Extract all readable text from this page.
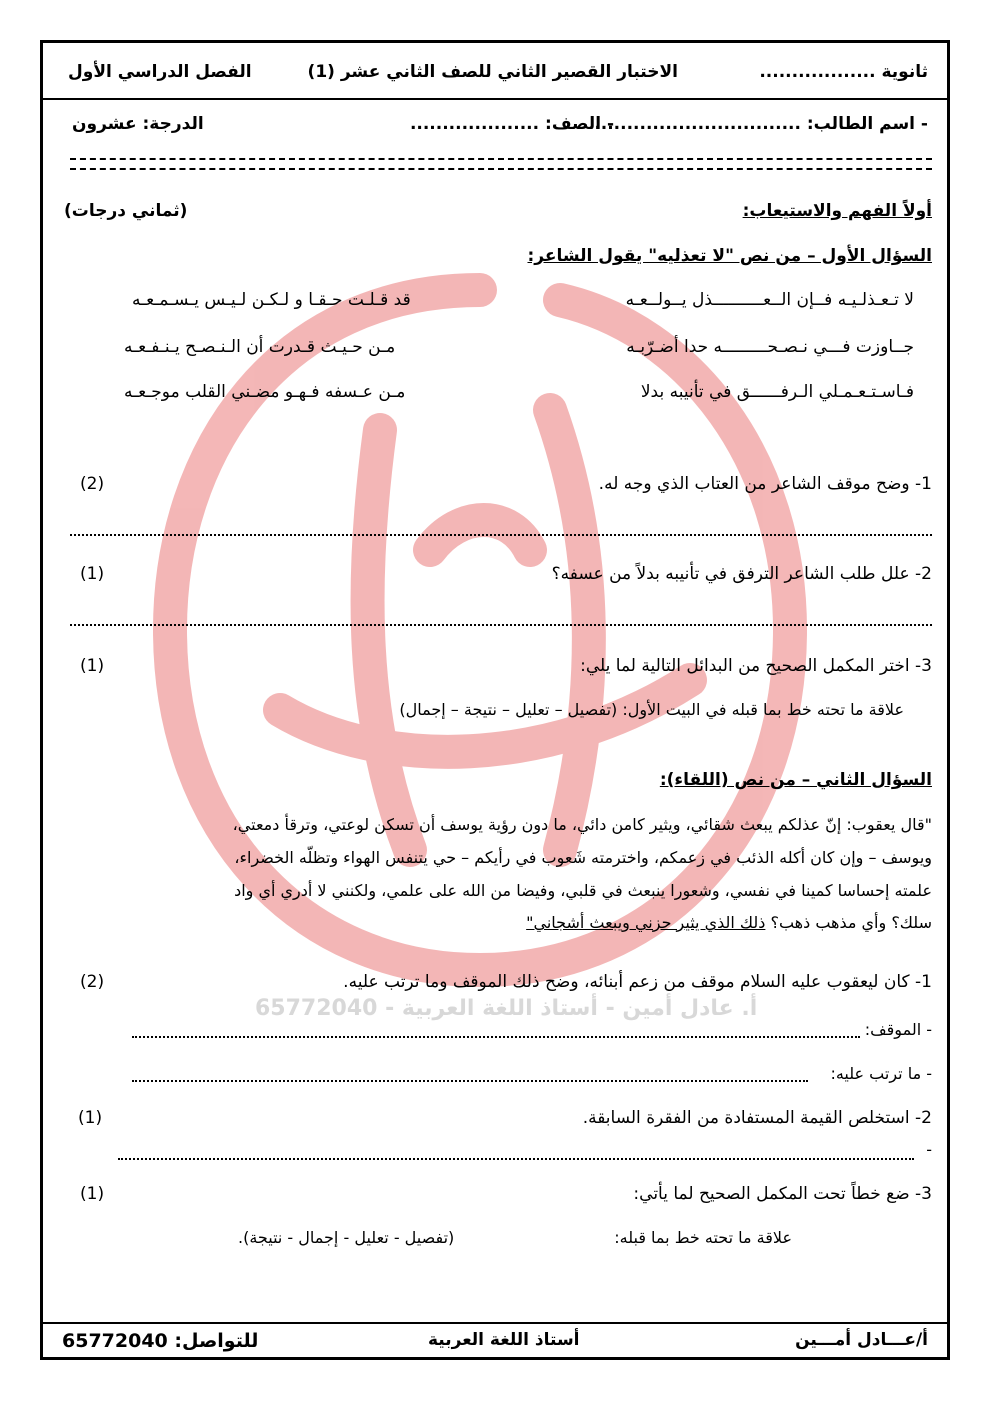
أ. عادل أمين - أستاذ اللغة العربية - 65772040
ثانوية ..................
الاختبار القصير الثاني للصف الثاني عشر (1)
الفصل الدراسي الأول
- اسم الطالب: ................................
- الصف: ....................
الدرجة: عشرون
أولاً الفهم والاستيعاب:
(ثماني درجات)
السؤال الأول – من نص "لا تعذليه" يقول الشاعر:
لا تـعـذلـيـه فــإن الــعــــــــــذل يــولــعـه
قد قـلـت حـقـا و لـكـن لـيـس يـسـمـعـه
جــاوزت فـــي نـصـحـــــــــه حدا أضـرّبـه
مـن حـيـث قـدرت أن الـنـصـح يـنـفـعـه
فـاسـتـعـمـلي الـرفــــــق في تأنيبه بدلا
مـن عـسفه فـهـو مضـني القلب موجـعـه
1- وضح موقف الشاعر من العتاب الذي وجه له.
(2)
2- علل طلب الشاعر الترفق في تأنيبه بدلاً من عسفه؟
(1)
3- اختر المكمل الصحيح من البدائل التالية لما يلي:
(1)
علاقة ما تحته خط بما قبله في البيت الأول: (تفصيل – تعليل – نتيجة – إجمال)
السؤال الثاني – من نص (اللقاء):
"قال يعقوب: إنّ عذلكم يبعث شقائي، ويثير كامن دائي، ما دون رؤية يوسف أن تسكن لوعتي، وترقأ دمعتي،
ويوسف – وإن كان أكله الذئب في زعمكم، واخترمته شَعوب في رأيكم – حي يتنفس الهواء وتظلّه الخضراء،
علمته إحساسا كمينا في نفسي، وشعورا ينبعث في قلبي، وفيضا من الله على علمي، ولكنني لا أدري أي واد
سلك؟ وأي مذهب ذهب؟ ذلك الذي يثير حزني ويبعث أشجاني"
1- كان ليعقوب عليه السلام موقف من زعم أبنائه، وضح ذلك الموقف وما ترتب عليه.
(2)
- الموقف:
- ما ترتب عليه:
2- استخلص القيمة المستفادة من الفقرة السابقة.
(1)
-
3- ضع خطاً تحت المكمل الصحيح لما يأتي:
(1)
علاقة ما تحته خط بما قبله:
(تفصيل - تعليل - إجمال - نتيجة).
أ/عـــادل أمـــين
أستاذ اللغة العربية
للتواصل: 65772040
